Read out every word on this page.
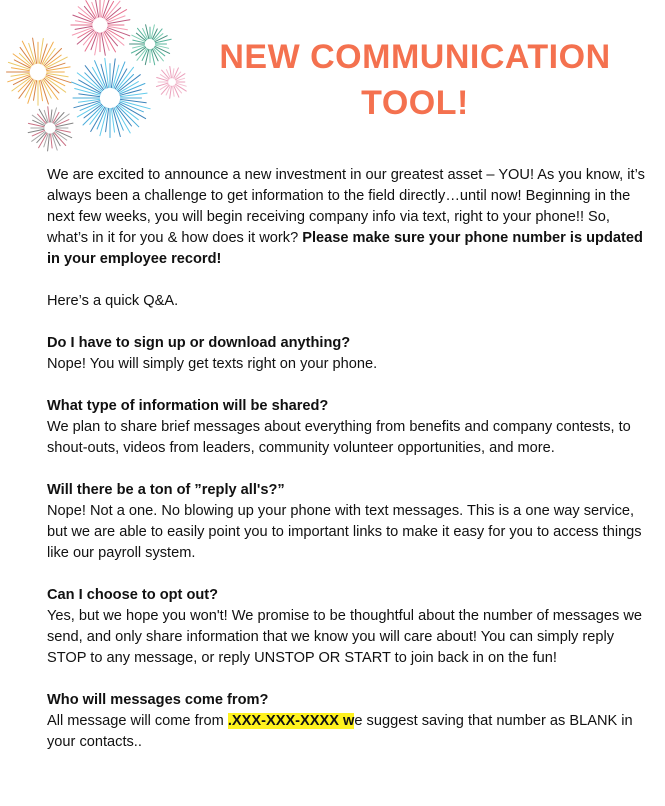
NEW COMMUNICATION TOOL!

We are excited to announce a new investment in our greatest asset – YOU! As you know, it’s always been a challenge to get information to the field directly…until now! Beginning in the next few weeks, you will begin receiving company info via text, right to your phone!! So, what’s in it for you & how does it work? Please make sure your phone number is updated in your employee record!

Here’s a quick Q&A.

Do I have to sign up or download anything?

Nope! You will simply get texts right on your phone.

What type of information will be shared?

We plan to share brief messages about everything from benefits and company contests, to shout-outs, videos from leaders, community volunteer opportunities, and more.

Will there be a ton of ”reply all's?”

Nope! Not a one. No blowing up your phone with text messages. This is a one way service, but we are able to easily point you to important links to make it easy for you to access things like our payroll system.

Can I choose to opt out?

Yes, but we hope you won't! We promise to be thoughtful about the number of messages we send, and only share information that we know you will care about! You can simply reply STOP to any message, or reply UNSTOP OR START to join back in on the fun!

Who will messages come from?

All message will come from .XXX-XXX-XXXX we suggest saving that number as BLANK in your contacts..
